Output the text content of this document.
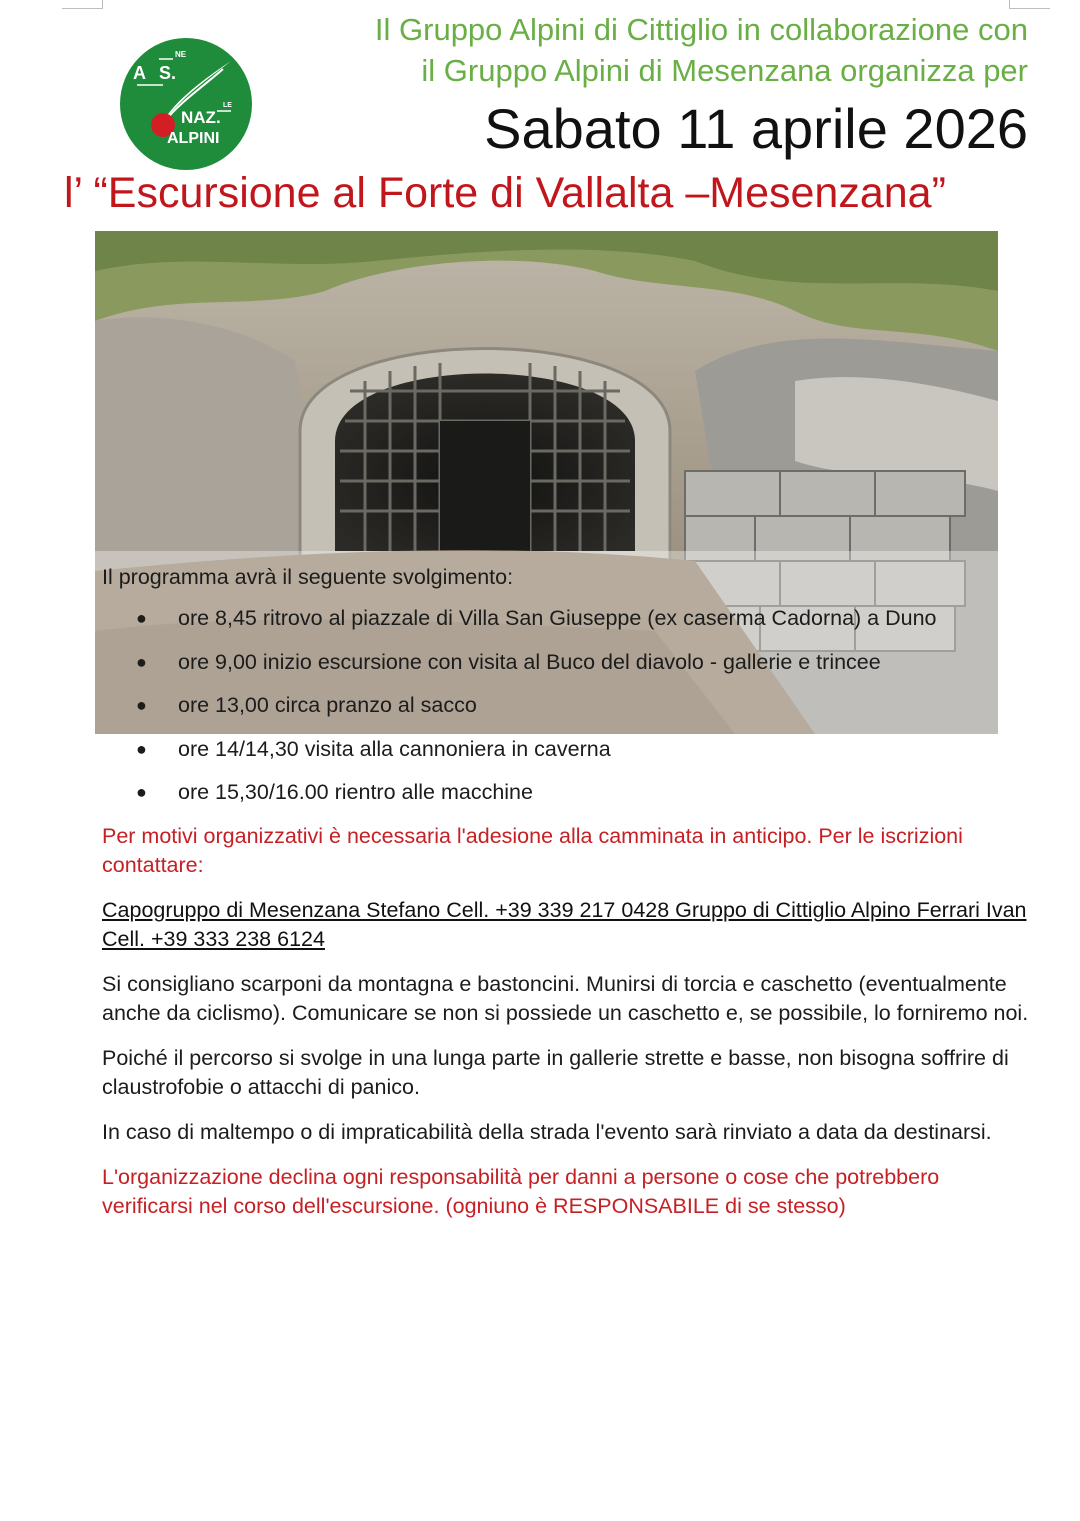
A S.
NE
NAZ.
LE
ALPINI
Il Gruppo Alpini di Cittiglio in collaborazione con
il Gruppo Alpini di Mesenzana organizza per
Sabato 11 aprile 2026
l’ “Escursione al Forte di Vallalta –Mesenzana”

Il programma avrà il seguente svolgimento:

● ore 8,45 ritrovo al piazzale di Villa San Giuseppe (ex caserma Cadorna) a Duno
● ore 9,00 inizio escursione con visita al Buco del diavolo - gallerie e trincee
● ore 13,00 circa pranzo al sacco
● ore 14/14,30 visita alla cannoniera in caverna
● ore 15,30/16.00 rientro alle macchine

Per motivi organizzativi è necessaria l'adesione alla camminata in anticipo. Per le iscrizioni contattare:

Capogruppo di Mesenzana Stefano Cell. +39 339 217 0428 Gruppo di Cittiglio Alpino Ferrari Ivan Cell. +39 333 238 6124

Si consigliano scarponi da montagna e bastoncini. Munirsi di torcia e caschetto (eventualmente anche da ciclismo). Comunicare se non si possiede un caschetto e, se possibile, lo forniremo noi.

Poiché il percorso si svolge in una lunga parte in gallerie strette e basse, non bisogna soffrire di claustrofobie o attacchi di panico.

In caso di maltempo o di impraticabilità della strada l'evento sarà rinviato a data da destinarsi.

L'organizzazione declina ogni responsabilità per danni a persone o cose che potrebbero verificarsi nel corso dell'escursione. (ogniuno è RESPONSABILE di se stesso)
